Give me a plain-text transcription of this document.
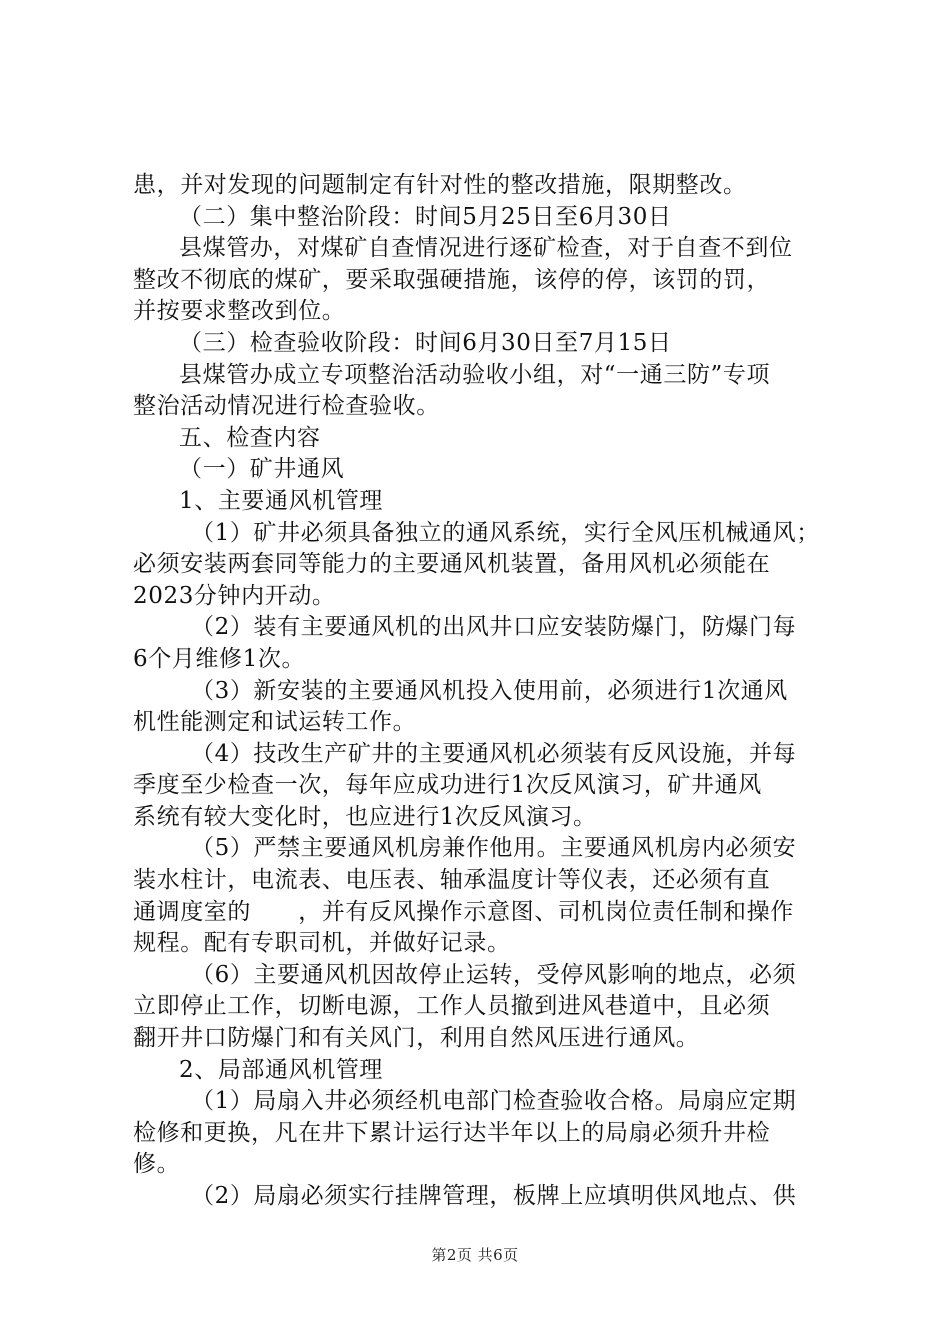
患，并对发现的问题制定有针对性的整改措施，限期整改。
（二）集中整治阶段：时间5月25日至6月30日
县煤管办，对煤矿自查情况进行逐矿检查，对于自查不到位
整改不彻底的煤矿，要采取强硬措施，该停的停，该罚的罚，
并按要求整改到位。
（三）检查验收阶段：时间6月30日至7月15日
县煤管办成立专项整治活动验收小组，对“一通三防”专项
整治活动情况进行检查验收。
五、检查内容
（一）矿井通风
1、主要通风机管理
（1）矿井必须具备独立的通风系统，实行全风压机械通风；
必须安装两套同等能力的主要通风机装置，备用风机必须能在
2023分钟内开动。
（2）装有主要通风机的出风井口应安装防爆门，防爆门每
6个月维修1次。
（3）新安装的主要通风机投入使用前，必须进行1次通风
机性能测定和试运转工作。
（4）技改生产矿井的主要通风机必须装有反风设施，并每
季度至少检查一次，每年应成功进行1次反风演习，矿井通风
系统有较大变化时，也应进行1次反风演习。
（5）严禁主要通风机房兼作他用。主要通风机房内必须安
装水柱计，电流表、电压表、轴承温度计等仪表，还必须有直
通调度室的　　，并有反风操作示意图、司机岗位责任制和操作
规程。配有专职司机，并做好记录。
（6）主要通风机因故停止运转，受停风影响的地点，必须
立即停止工作，切断电源，工作人员撤到进风巷道中，且必须
翻开井口防爆门和有关风门，利用自然风压进行通风。
2、局部通风机管理
（1）局扇入井必须经机电部门检查验收合格。局扇应定期
检修和更换，凡在井下累计运行达半年以上的局扇必须升井检
修。
（2）局扇必须实行挂牌管理，板牌上应填明供风地点、供
第2页 共6页
